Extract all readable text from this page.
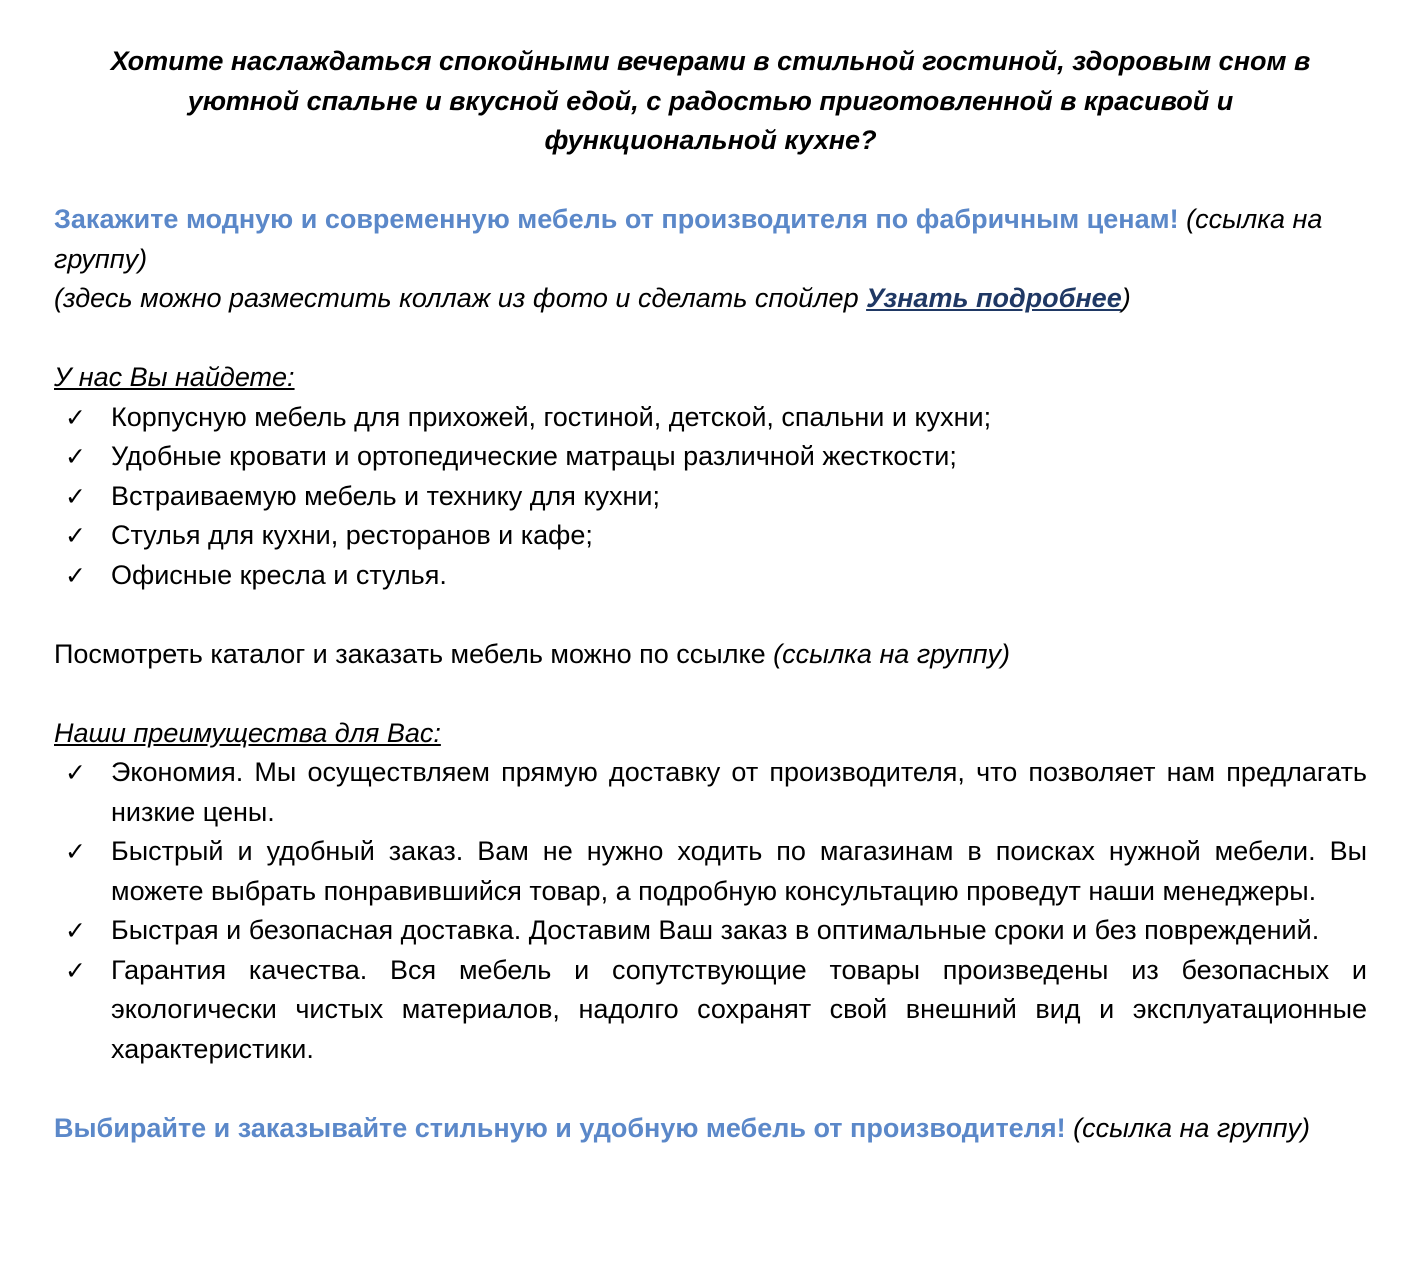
Хотите наслаждаться спокойными вечерами в стильной гостиной, здоровым сном в уютной спальне и вкусной едой, с радостью приготовленной в красивой и функциональной кухне?

Закажите модную и современную мебель от производителя по фабричным ценам! (ссылка на группу)

(здесь можно разместить коллаж из фото и сделать спойлер Узнать подробнее)

У нас Вы найдете:

✓ Корпусную мебель для прихожей, гостиной, детской, спальни и кухни;
✓ Удобные кровати и ортопедические матрацы различной жесткости;
✓ Встраиваемую мебель и технику для кухни;
✓ Стулья для кухни, ресторанов и кафе;
✓ Офисные кресла и стулья.

Посмотреть каталог и заказать мебель можно по ссылке (ссылка на группу)

Наши преимущества для Вас:

✓ Экономия. Мы осуществляем прямую доставку от производителя, что позволяет нам предлагать низкие цены.
✓ Быстрый и удобный заказ. Вам не нужно ходить по магазинам в поисках нужной мебели. Вы можете выбрать понравившийся товар, а подробную консультацию проведут наши менеджеры.
✓ Быстрая и безопасная доставка. Доставим Ваш заказ в оптимальные сроки и без повреждений.
✓ Гарантия качества. Вся мебель и сопутствующие товары произведены из безопасных и экологически чистых материалов, надолго сохранят свой внешний вид и эксплуатационные характеристики.

Выбирайте и заказывайте стильную и удобную мебель от производителя! (ссылка на группу)
